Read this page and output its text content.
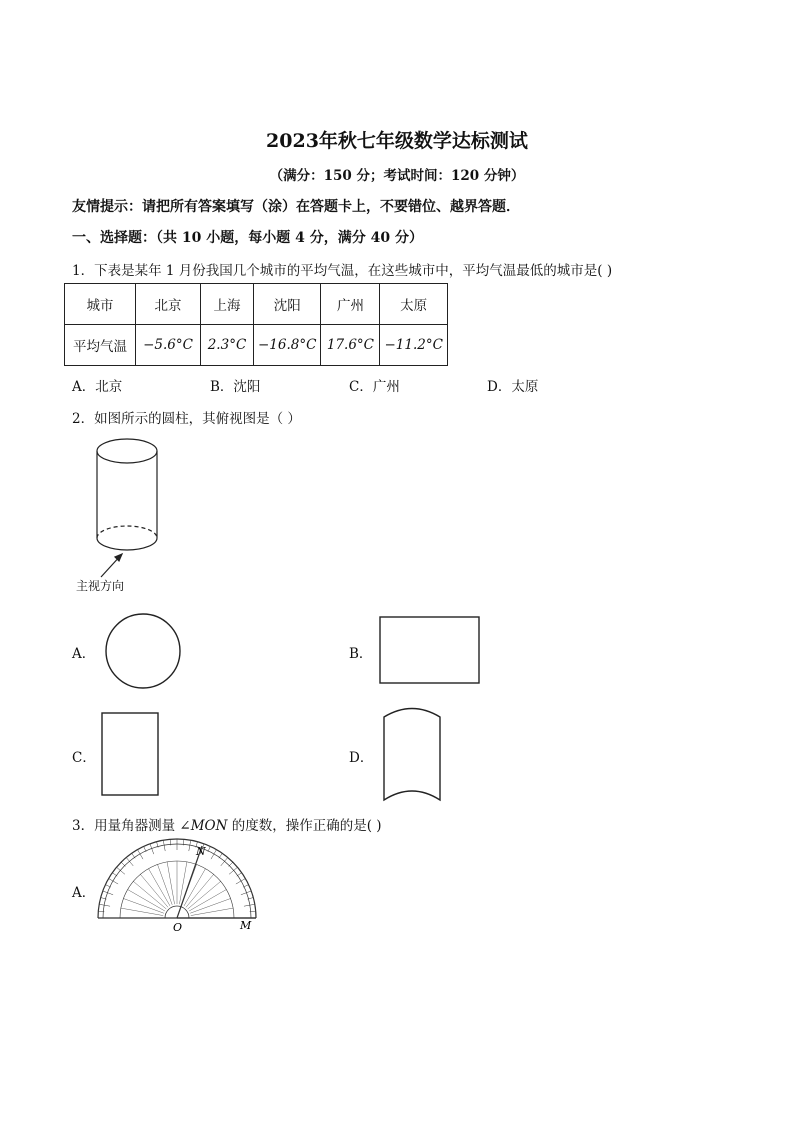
2023年秋七年级数学达标测试
（满分：150 分；考试时间：120 分钟）
友情提示：请把所有答案填写（涂）在答题卡上，不要错位、越界答题．
一、选择题：（共 10 小题，每小题 4 分，满分 40 分）
1．下表是某年 1 月份我国几个城市的平均气温，在这些城市中，平均气温最低的城市是( )
城市	北京	上海	沈阳	广州	太原
平均气温	−5.6°C	2.3°C	−16.8°C	17.6°C	−11.2°C
A．北京	B．沈阳	C．广州	D．太原
2．如图所示的圆柱，其俯视图是（ ）
主视方向
A．	B．
C．	D．
3．用量角器测量 ∠MON 的度数，操作正确的是( )
A．
N
O	M
